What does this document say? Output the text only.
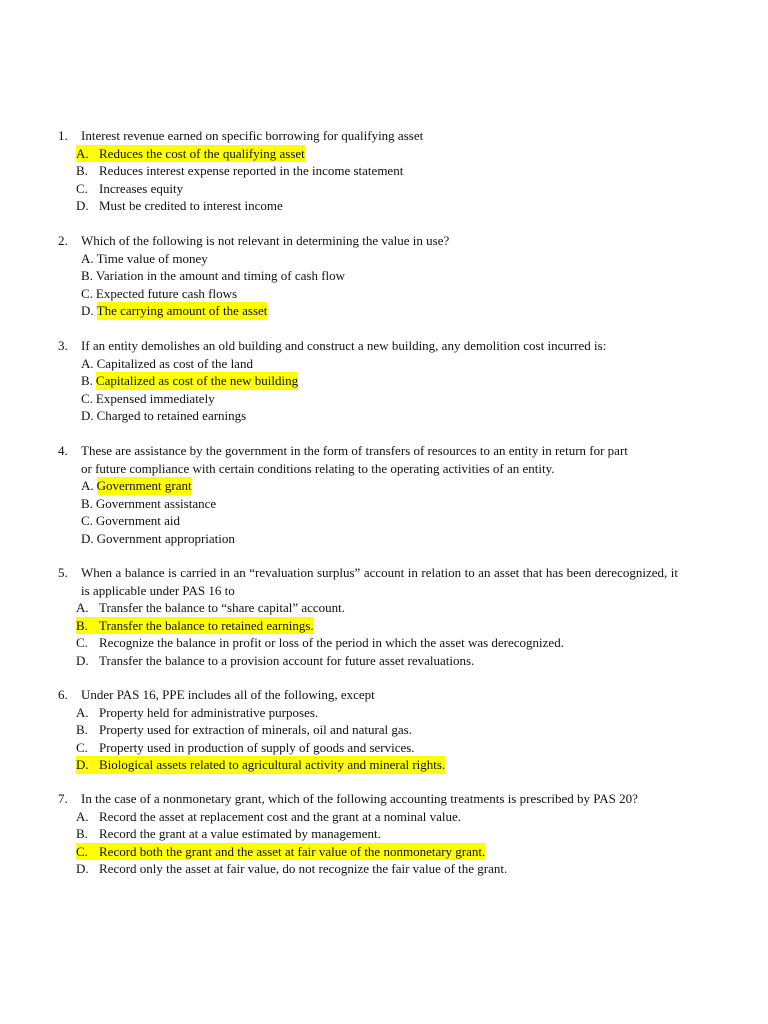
1.	Interest revenue earned on specific borrowing for qualifying asset
A. Reduces the cost of the qualifying asset
B. Reduces interest expense reported in the income statement
C. Increases equity
D. Must be credited to interest income
2.	Which of the following is not relevant in determining the value in use?
A. Time value of money
B. Variation in the amount and timing of cash flow
C. Expected future cash flows
D. The carrying amount of the asset
3.	If an entity demolishes an old building and construct a new building, any demolition cost incurred is:
A. Capitalized as cost of the land
B. Capitalized as cost of the new building
C. Expensed immediately
D. Charged to retained earnings
4.	These are assistance by the government in the form of transfers of resources to an entity in return for part
or future compliance with certain conditions relating to the operating activities of an entity.
A. Government grant
B. Government assistance
C. Government aid
D. Government appropriation
5.	When a balance is carried in an “revaluation surplus” account in relation to an asset that has been derecognized, it is applicable under PAS 16 to
A. Transfer the balance to “share capital” account.
B. Transfer the balance to retained earnings.
C. Recognize the balance in profit or loss of the period in which the asset was derecognized.
D. Transfer the balance to a provision account for future asset revaluations.
6.	Under PAS 16, PPE includes all of the following, except
A. Property held for administrative purposes.
B. Property used for extraction of minerals, oil and natural gas.
C. Property used in production of supply of goods and services.
D. Biological assets related to agricultural activity and mineral rights.
7.	In the case of a nonmonetary grant, which of the following accounting treatments is prescribed by PAS 20?
A. Record the asset at replacement cost and the grant at a nominal value.
B. Record the grant at a value estimated by management.
C. Record both the grant and the asset at fair value of the nonmonetary grant.
D. Record only the asset at fair value, do not recognize the fair value of the grant.
